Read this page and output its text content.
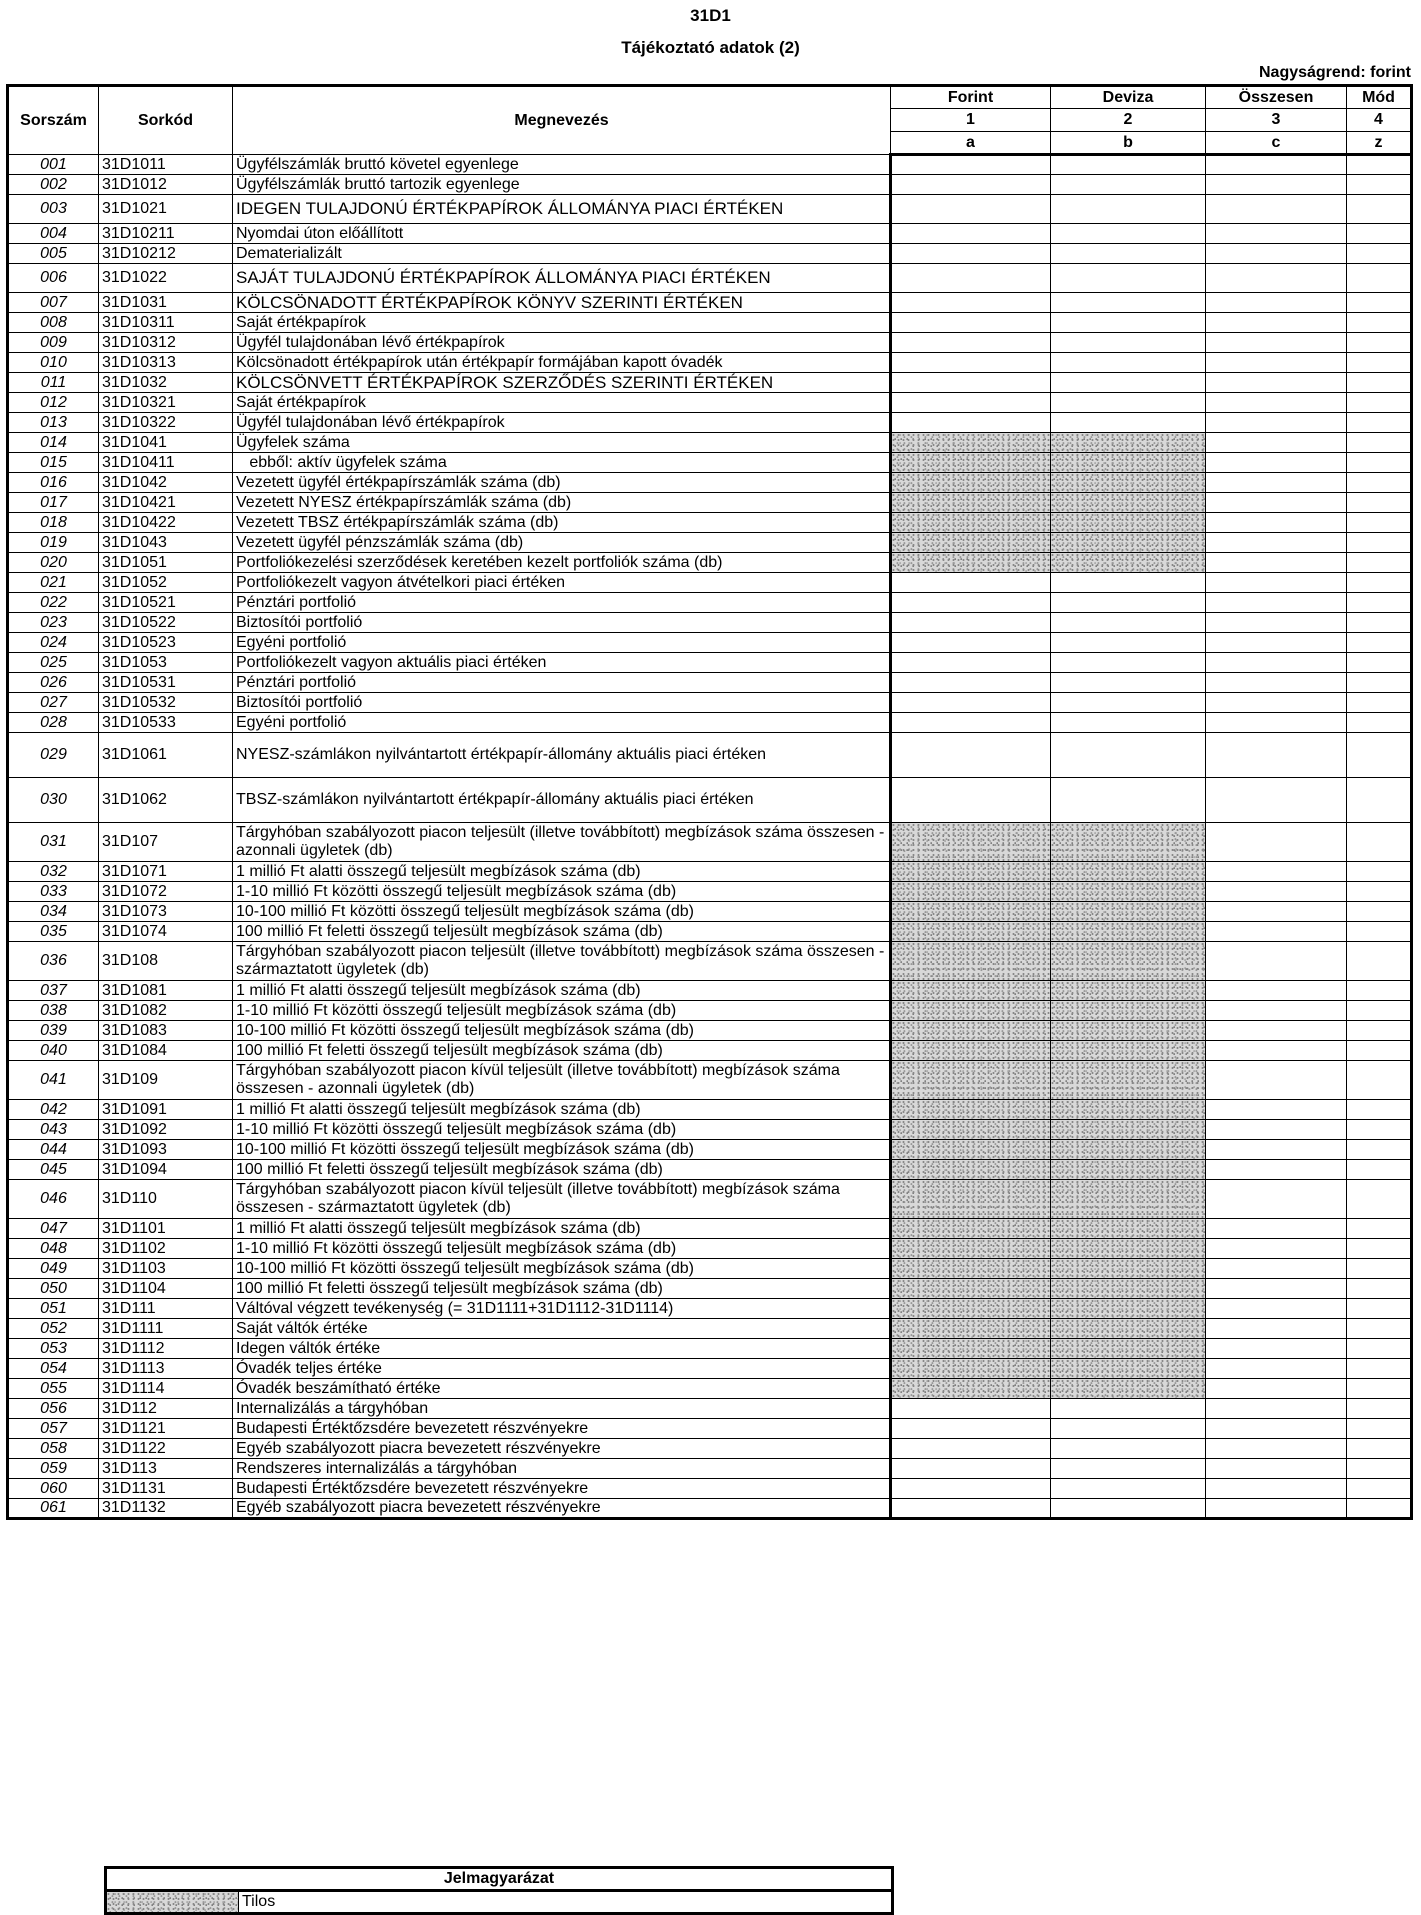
31D1
Tájékoztató adatok (2)
Nagyságrend: forint
Sorszám	Sorkód	Megnevezés	Forint	Deviza	Összesen	Mód
			1	2	3	4
			a	b	c	z
001	31D1011	Ügyfélszámlák bruttó követel egyenlege				
002	31D1012	Ügyfélszámlák bruttó tartozik egyenlege				
003	31D1021	IDEGEN TULAJDONÚ ÉRTÉKPAPÍROK ÁLLOMÁNYA PIACI ÉRTÉKEN				
004	31D10211	Nyomdai úton előállított				
005	31D10212	Dematerializált				
006	31D1022	SAJÁT TULAJDONÚ ÉRTÉKPAPÍROK ÁLLOMÁNYA PIACI ÉRTÉKEN				
007	31D1031	KÖLCSÖNADOTT ÉRTÉKPAPÍROK KÖNYV SZERINTI ÉRTÉKEN				
008	31D10311	Saját értékpapírok				
009	31D10312	Ügyfél tulajdonában lévő értékpapírok				
010	31D10313	Kölcsönadott értékpapírok után értékpapír formájában kapott óvadék				
011	31D1032	KÖLCSÖNVETT ÉRTÉKPAPÍROK SZERZŐDÉS SZERINTI ÉRTÉKEN				
012	31D10321	Saját értékpapírok				
013	31D10322	Ügyfél tulajdonában lévő értékpapírok				
014	31D1041	Ügyfelek száma				
015	31D10411	ebből: aktív ügyfelek száma				
016	31D1042	Vezetett ügyfél értékpapírszámlák száma (db)				
017	31D10421	Vezetett NYESZ értékpapírszámlák száma (db)				
018	31D10422	Vezetett TBSZ értékpapírszámlák száma (db)				
019	31D1043	Vezetett ügyfél pénzszámlák száma (db)				
020	31D1051	Portfoliókezelési szerződések keretében kezelt portfoliók száma (db)				
021	31D1052	Portfoliókezelt vagyon átvételkori piaci értéken				
022	31D10521	Pénztári portfolió				
023	31D10522	Biztosítói portfolió				
024	31D10523	Egyéni portfolió				
025	31D1053	Portfoliókezelt vagyon aktuális piaci értéken				
026	31D10531	Pénztári portfolió				
027	31D10532	Biztosítói portfolió				
028	31D10533	Egyéni portfolió				
029	31D1061	NYESZ-számlákon nyilvántartott értékpapír-állomány aktuális piaci értéken				
030	31D1062	TBSZ-számlákon nyilvántartott értékpapír-állomány aktuális piaci értéken				
031	31D107	Tárgyhóban szabályozott piacon teljesült (illetve továbbított) megbízások száma összesen - azonnali ügyletek (db)				
032	31D1071	1 millió Ft alatti összegű teljesült megbízások száma (db)				
033	31D1072	1-10 millió Ft közötti összegű teljesült megbízások száma (db)				
034	31D1073	10-100 millió Ft közötti összegű teljesült megbízások száma (db)				
035	31D1074	100 millió Ft feletti összegű teljesült megbízások száma (db)				
036	31D108	Tárgyhóban szabályozott piacon teljesült (illetve továbbított) megbízások száma összesen - származtatott ügyletek (db)				
037	31D1081	1 millió Ft alatti összegű teljesült megbízások száma (db)				
038	31D1082	1-10 millió Ft közötti összegű teljesült megbízások száma (db)				
039	31D1083	10-100 millió Ft közötti összegű teljesült megbízások száma (db)				
040	31D1084	100 millió Ft feletti összegű teljesült megbízások száma (db)				
041	31D109	Tárgyhóban szabályozott piacon kívül teljesült (illetve továbbított) megbízások száma összesen - azonnali ügyletek (db)				
042	31D1091	1 millió Ft alatti összegű teljesült megbízások száma (db)				
043	31D1092	1-10 millió Ft közötti összegű teljesült megbízások száma (db)				
044	31D1093	10-100 millió Ft közötti összegű teljesült megbízások száma (db)				
045	31D1094	100 millió Ft feletti összegű teljesült megbízások száma (db)				
046	31D110	Tárgyhóban szabályozott piacon kívül teljesült (illetve továbbított) megbízások száma összesen - származtatott ügyletek (db)				
047	31D1101	1 millió Ft alatti összegű teljesült megbízások száma (db)				
048	31D1102	1-10 millió Ft közötti összegű teljesült megbízások száma (db)				
049	31D1103	10-100 millió Ft közötti összegű teljesült megbízások száma (db)				
050	31D1104	100 millió Ft feletti összegű teljesült megbízások száma (db)				
051	31D111	Váltóval végzett tevékenység (= 31D1111+31D1112-31D1114)				
052	31D1111	Saját váltók értéke				
053	31D1112	Idegen váltók értéke				
054	31D1113	Óvadék teljes értéke				
055	31D1114	Óvadék beszámítható értéke				
056	31D112	Internalizálás a tárgyhóban				
057	31D1121	Budapesti Értéktőzsdére bevezetett részvényekre				
058	31D1122	Egyéb szabályozott piacra bevezetett részvényekre				
059	31D113	Rendszeres internalizálás a tárgyhóban				
060	31D1131	Budapesti Értéktőzsdére bevezetett részvényekre				
061	31D1132	Egyéb szabályozott piacra bevezetett részvényekre				
Jelmagyarázat
	Tilos
